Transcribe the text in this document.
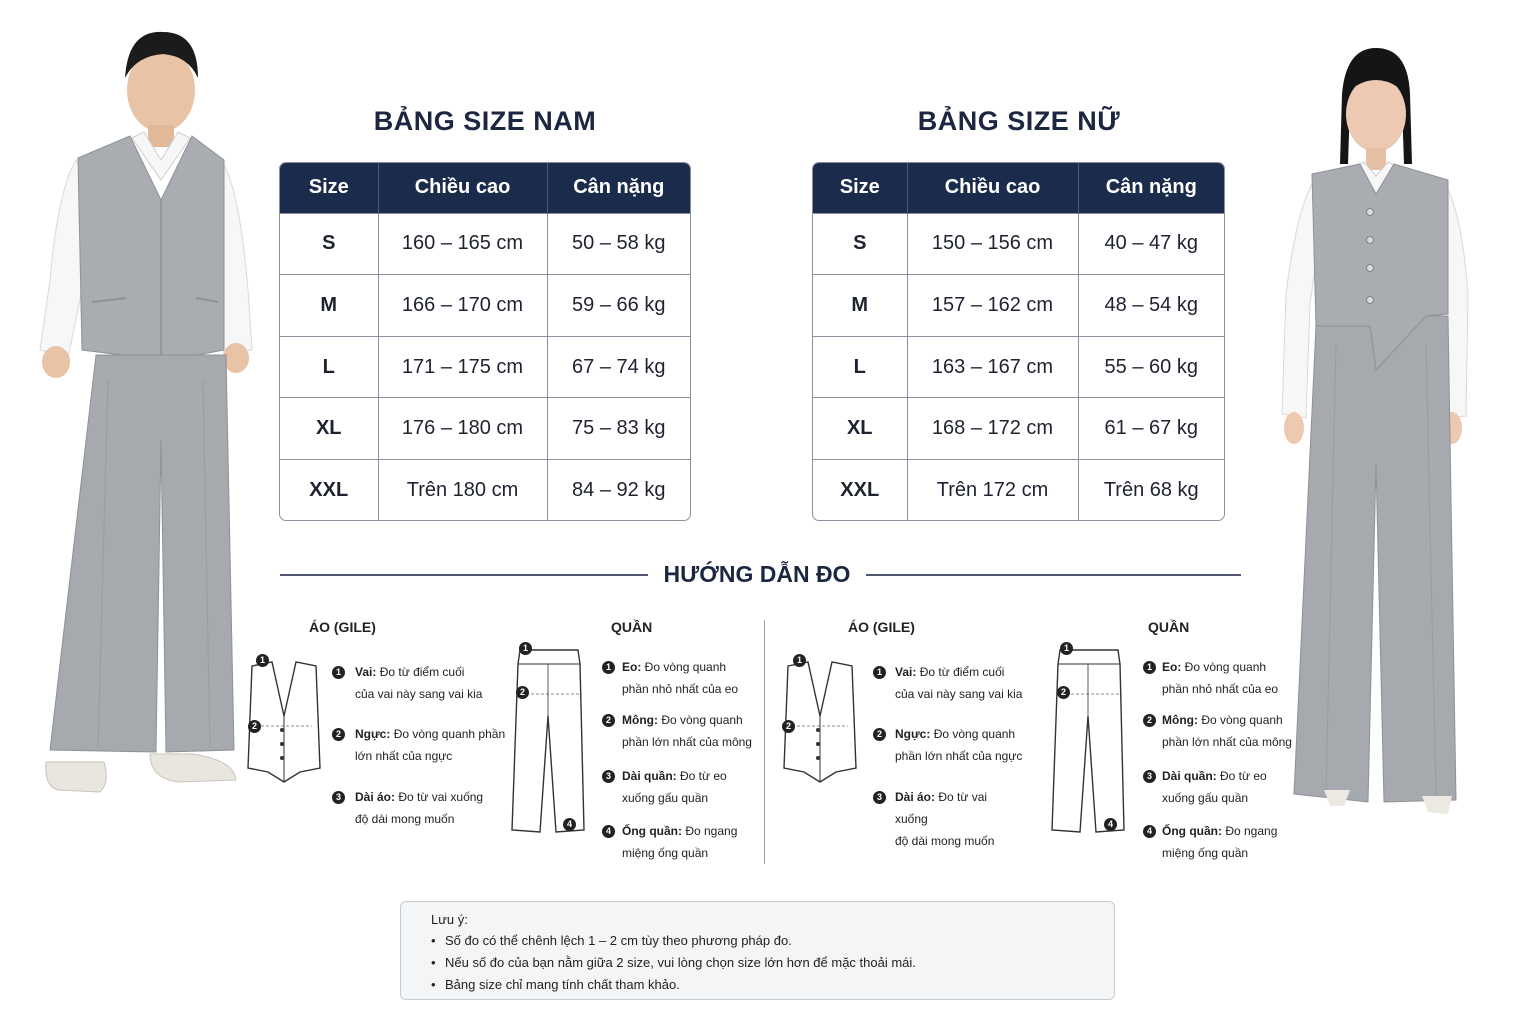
BẢNG SIZE NAM
Size	Chiều cao	Cân nặng
S	160 – 165 cm	50 – 58 kg
M	166 – 170 cm	59 – 66 kg
L	171 – 175 cm	67 – 74 kg
XL	176 – 180 cm	75 – 83 kg
XXL	Trên 180 cm	84 – 92 kg
BẢNG SIZE NỮ
Size	Chiều cao	Cân nặng
S	150 – 156 cm	40 – 47 kg
M	157 – 162 cm	48 – 54 kg
L	163 – 167 cm	55 – 60 kg
XL	168 – 172 cm	61 – 67 kg
XXL	Trên 172 cm	Trên 68 kg
HƯỚNG DẪN ĐO
ÁO (GILE)
1
2
1	Vai: Đo từ điểm cuối
của vai này sang vai kia
2	Ngực: Đo vòng quanh phần
lớn nhất của ngực
3	Dài áo: Đo từ vai xuống
độ dài mong muốn
QUẦN
1
2
4
1 Eo: Đo vòng quanh
phần nhỏ nhất của eo
2 Mông: Đo vòng quanh
phần lớn nhất của mông
3 Dài quần: Đo từ eo
xuống gấu quần
4 Ống quần: Đo ngang
miệng ống quần
ÁO (GILE)
1
2
1	Vai: Đo từ điểm cuối
của vai này sang vai kia
2	Ngực: Đo vòng quanh
phần lớn nhất của ngực
3	Dài áo: Đo từ vai xuống
độ dài mong muốn
QUẦN
1
2
4
1 Eo: Đo vòng quanh
phần nhỏ nhất của eo
2 Mông: Đo vòng quanh
phần lớn nhất của mông
3 Dài quần: Đo từ eo
xuống gấu quần
4 Ống quần: Đo ngang
miệng ống quần
Lưu ý:
• Số đo có thể chênh lệch 1 – 2 cm tùy theo phương pháp đo.
• Nếu số đo của bạn nằm giữa 2 size, vui lòng chọn size lớn hơn để mặc thoải mái.
• Bảng size chỉ mang tính chất tham khảo.
